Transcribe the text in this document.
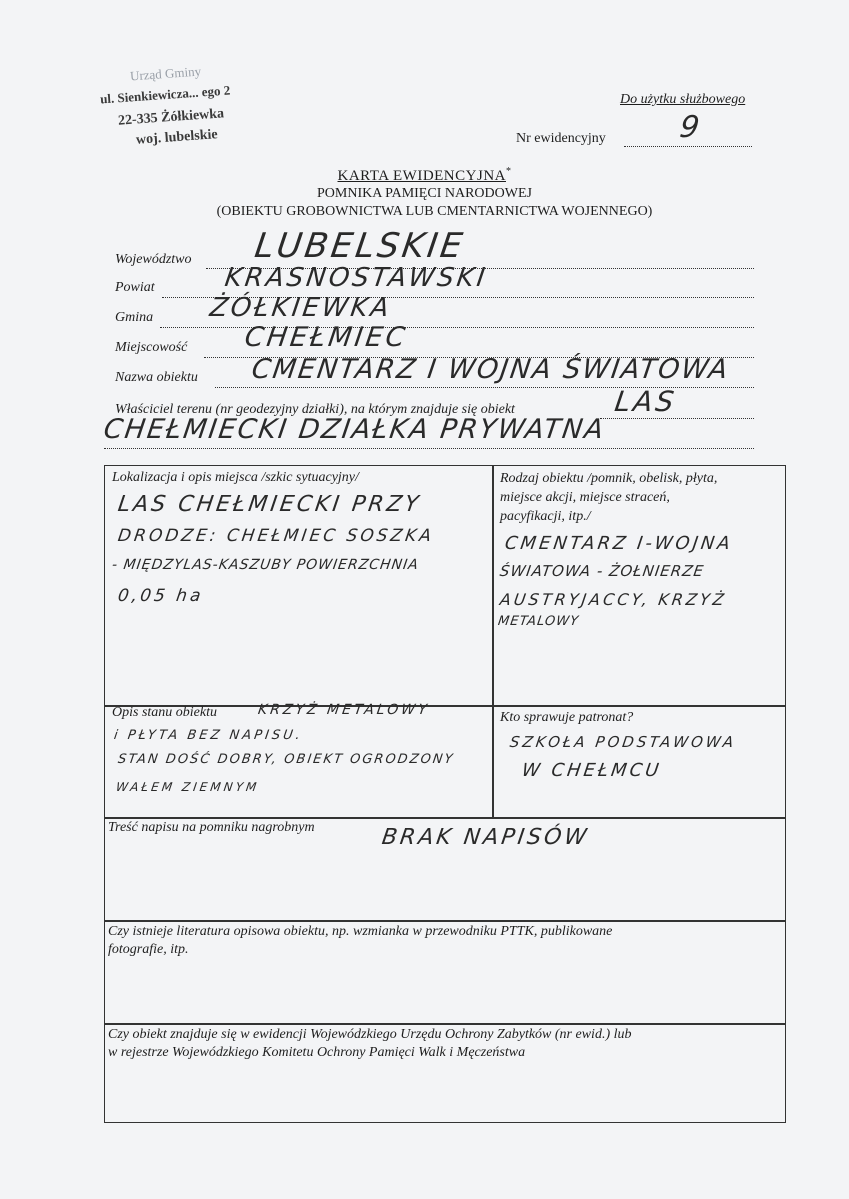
Urząd Gminy
ul. Sienkiewicza... ego 2
22-335 Żółkiewka
woj. lubelskie
Do użytku służbowego
Nr ewidencyjny 9
KARTA EWIDENCYJNA*
POMNIKA PAMIĘCI NARODOWEJ
(OBIEKTU GROBOWNICTWA LUB CMENTARNICTWA WOJENNEGO)
Województwo LUBELSKIE
Powiat	KRASNOSTAWSKI
Gmina ŻÓŁKIEWKA
Miejscowość CHEŁMIEC
Nazwa obiektu CMENTARZ I WOJNA ŚWIATOWA
Właściciel terenu (nr geodezyjny działki), na którym znajduje się obiekt	LAS
CHEŁMIECKI DZIAŁKA PRYWATNA
Lokalizacja i opis miejsca /szkic sytuacyjny/
LAS CHEŁMIECKI PRZY
DRODZE: CHEŁMIEC SOSZKA
- MIĘDZYLAS-KASZUBY POWIERZCHNIA
0,05 ha
Rodzaj obiektu /pomnik, obelisk, płyta,
miejsce akcji, miejsce straceń,
pacyfikacji, itp./
CMENTARZ I-WOJNA
ŚWIATOWA - ŻOŁNIERZE
AUSTRYJACCY, KRZYŻ
METALOWY
Opis stanu obiektu	KRZYŻ METALOWY
i PŁYTA BEZ NAPISU.
STAN DOŚĆ DOBRY, OBIEKT OGRODZONY
WAŁEM ZIEMNYM
Kto sprawuje patronat?
SZKOŁA PODSTAWOWA
W CHEŁMCU
Treść napisu na pomniku nagrobnym	BRAK NAPISÓW
Czy istnieje literatura opisowa obiektu, np. wzmianka w przewodniku PTTK, publikowane
fotografie, itp.
Czy obiekt znajduje się w ewidencji Wojewódzkiego Urzędu Ochrony Zabytków (nr ewid.) lub
w rejestrze Wojewódzkiego Komitetu Ochrony Pamięci Walk i Męczeństwa
